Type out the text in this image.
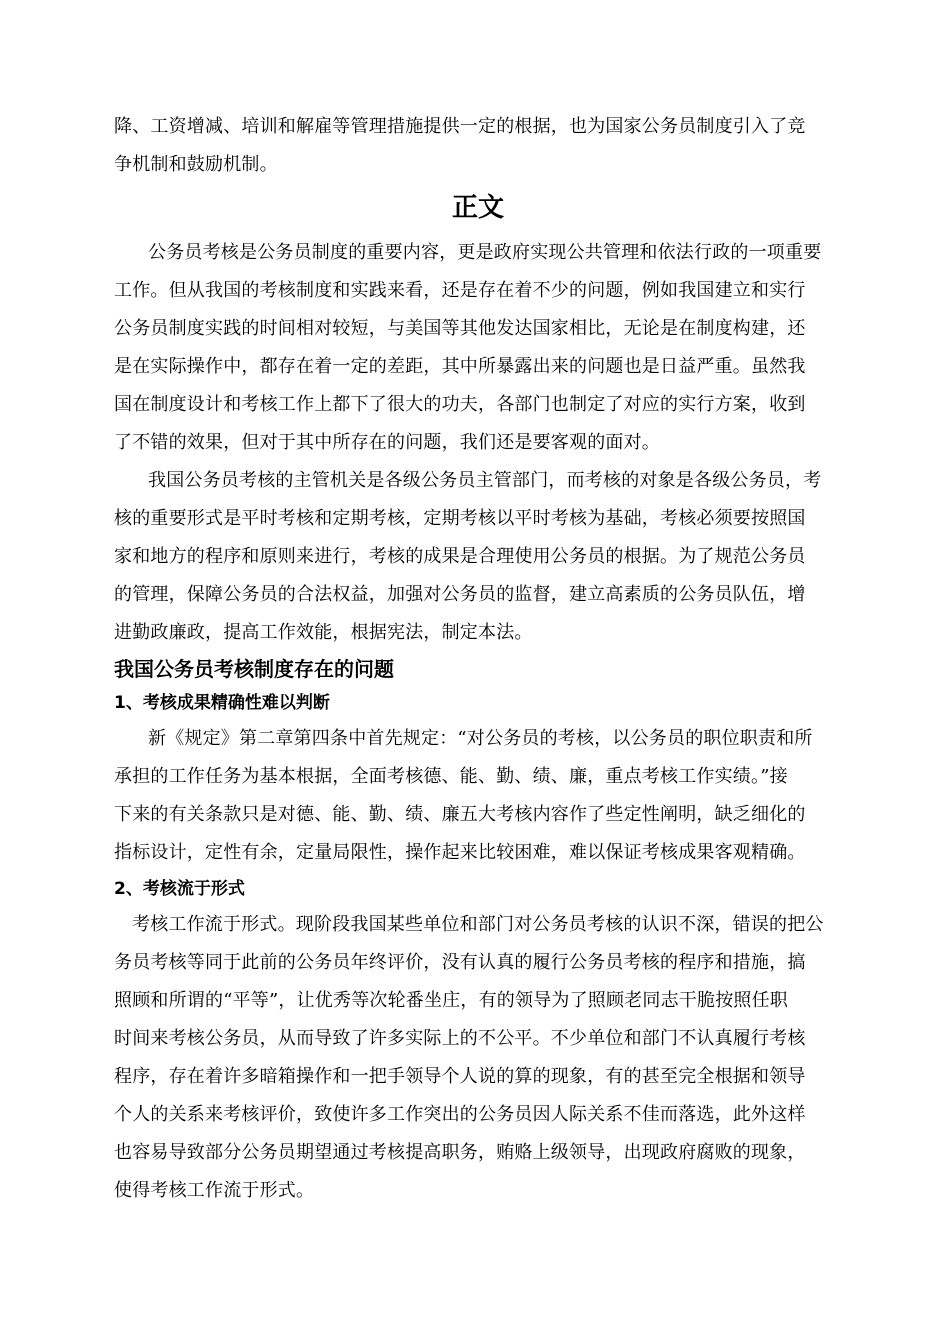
降、工资增减、培训和解雇等管理措施提供一定的根据，也为国家公务员制度引入了竞
争机制和鼓励机制。
正文
公务员考核是公务员制度的重要内容，更是政府实现公共管理和依法行政的一项重要
工作。但从我国的考核制度和实践来看，还是存在着不少的问题，例如我国建立和实行
公务员制度实践的时间相对较短，与美国等其他发达国家相比，无论是在制度构建，还
是在实际操作中，都存在着一定的差距，其中所暴露出来的问题也是日益严重。虽然我
国在制度设计和考核工作上都下了很大的功夫，各部门也制定了对应的实行方案，收到
了不错的效果，但对于其中所存在的问题，我们还是要客观的面对。
我国公务员考核的主管机关是各级公务员主管部门，而考核的对象是各级公务员，考
核的重要形式是平时考核和定期考核，定期考核以平时考核为基础，考核必须要按照国
家和地方的程序和原则来进行，考核的成果是合理使用公务员的根据。为了规范公务员
的管理，保障公务员的合法权益，加强对公务员的监督，建立高素质的公务员队伍，增
进勤政廉政，提高工作效能，根据宪法，制定本法。
我国公务员考核制度存在的问题
1、考核成果精确性难以判断
新《规定》第二章第四条中首先规定：“对公务员的考核，以公务员的职位职责和所
承担的工作任务为基本根据，全面考核德、能、勤、绩、廉，重点考核工作实绩。”接
下来的有关条款只是对德、能、勤、绩、廉五大考核内容作了些定性阐明，缺乏细化的
指标设计，定性有余，定量局限性，操作起来比较困难，难以保证考核成果客观精确。
2、考核流于形式
考核工作流于形式。现阶段我国某些单位和部门对公务员考核的认识不深，错误的把公
务员考核等同于此前的公务员年终评价，没有认真的履行公务员考核的程序和措施，搞
照顾和所谓的“平等”，让优秀等次轮番坐庄，有的领导为了照顾老同志干脆按照任职
时间来考核公务员，从而导致了许多实际上的不公平。不少单位和部门不认真履行考核
程序，存在着许多暗箱操作和一把手领导个人说的算的现象，有的甚至完全根据和领导
个人的关系来考核评价，致使许多工作突出的公务员因人际关系不佳而落选，此外这样
也容易导致部分公务员期望通过考核提高职务，贿赂上级领导，出现政府腐败的现象，
使得考核工作流于形式。
